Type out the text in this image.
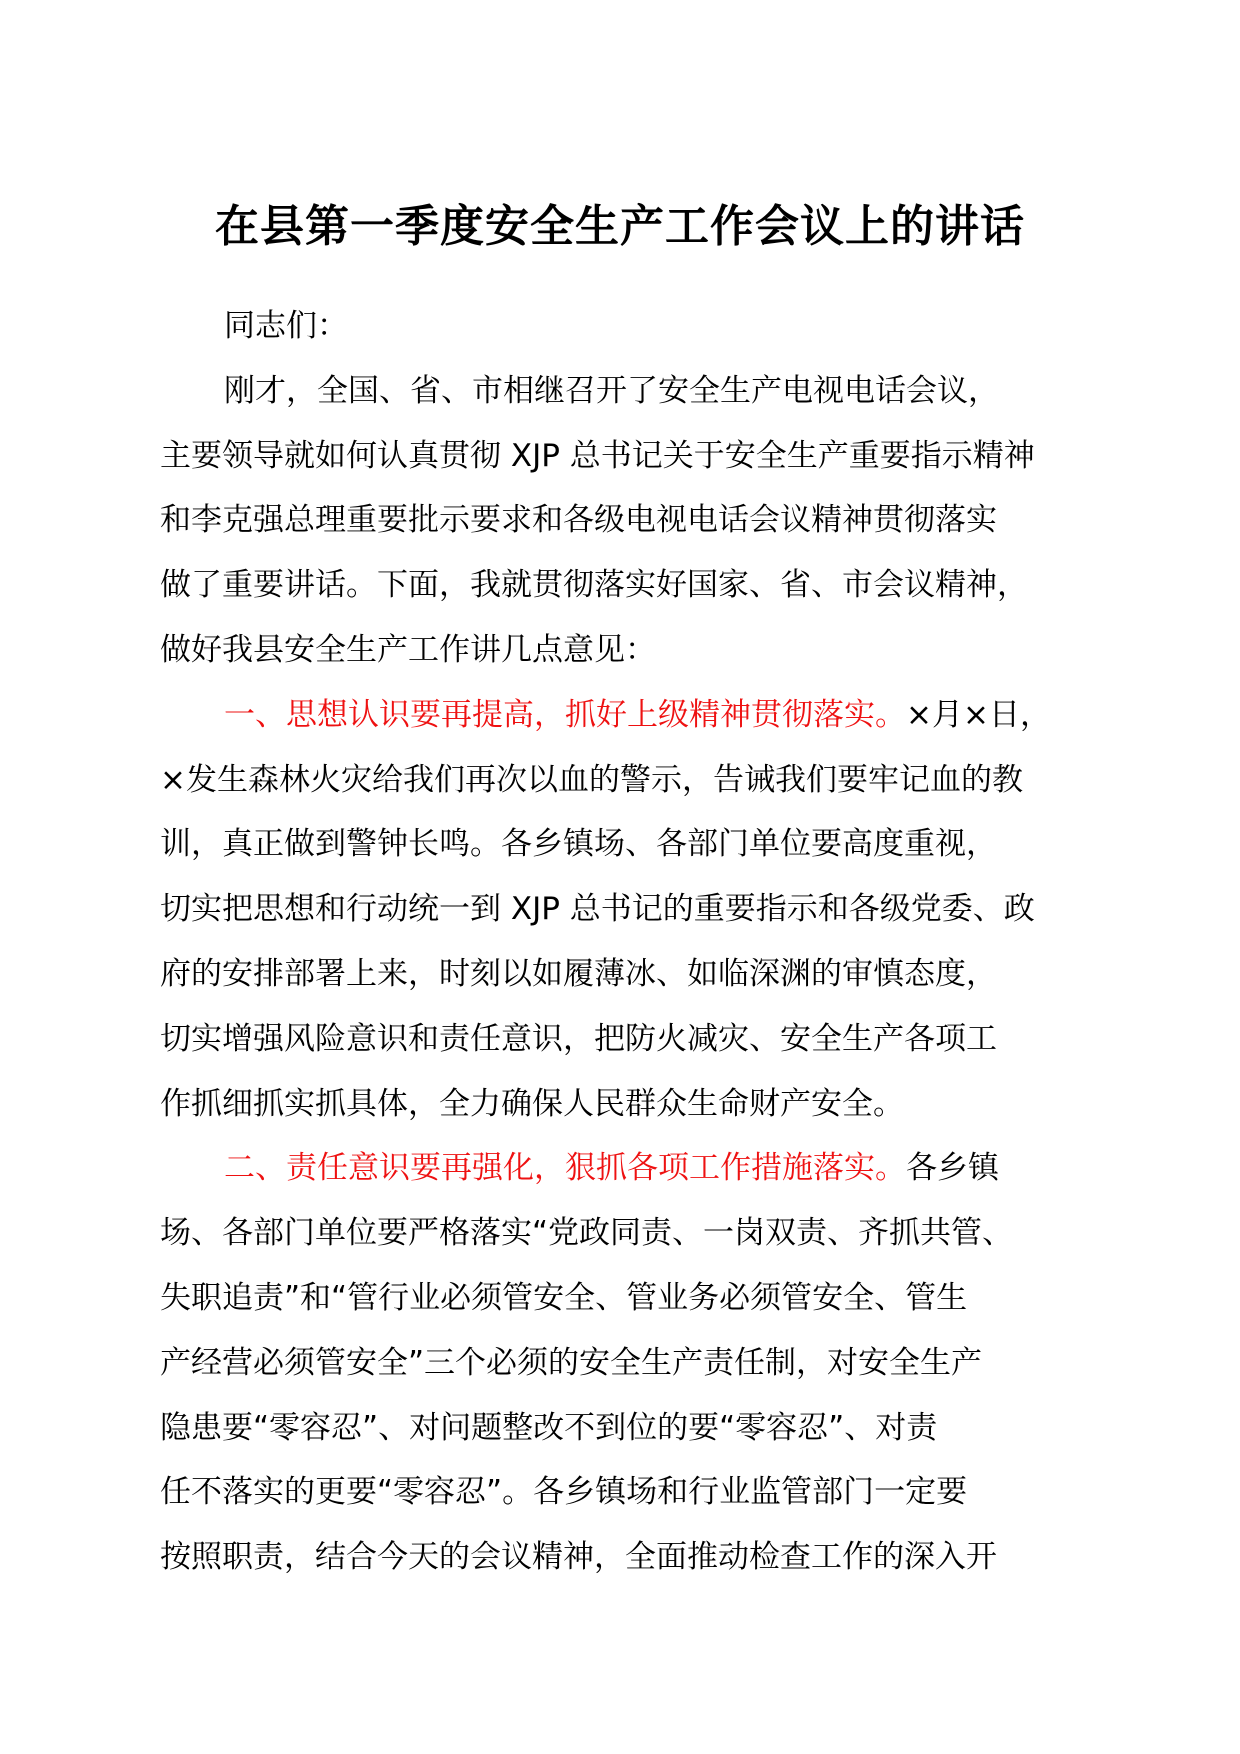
在县第一季度安全生产工作会议上的讲话
同志们：
刚才，全国、省、市相继召开了安全生产电视电话会议，
主要领导就如何认真贯彻 XJP 总书记关于安全生产重要指示精神
和李克强总理重要批示要求和各级电视电话会议精神贯彻落实
做了重要讲话。下面，我就贯彻落实好国家、省、市会议精神，
做好我县安全生产工作讲几点意见：
一、思想认识要再提高，抓好上级精神贯彻落实。×月×日，
×发生森林火灾给我们再次以血的警示，告诫我们要牢记血的教
训，真正做到警钟长鸣。各乡镇场、各部门单位要高度重视，
切实把思想和行动统一到 XJP 总书记的重要指示和各级党委、政
府的安排部署上来，时刻以如履薄冰、如临深渊的审慎态度，
切实增强风险意识和责任意识，把防火减灾、安全生产各项工
作抓细抓实抓具体，全力确保人民群众生命财产安全。
二、责任意识要再强化，狠抓各项工作措施落实。各乡镇
场、各部门单位要严格落实“党政同责、一岗双责、齐抓共管、
失职追责”和“管行业必须管安全、管业务必须管安全、管生
产经营必须管安全”三个必须的安全生产责任制，对安全生产
隐患要“零容忍”、对问题整改不到位的要“零容忍”、对责
任不落实的更要“零容忍”。各乡镇场和行业监管部门一定要
按照职责，结合今天的会议精神，全面推动检查工作的深入开
